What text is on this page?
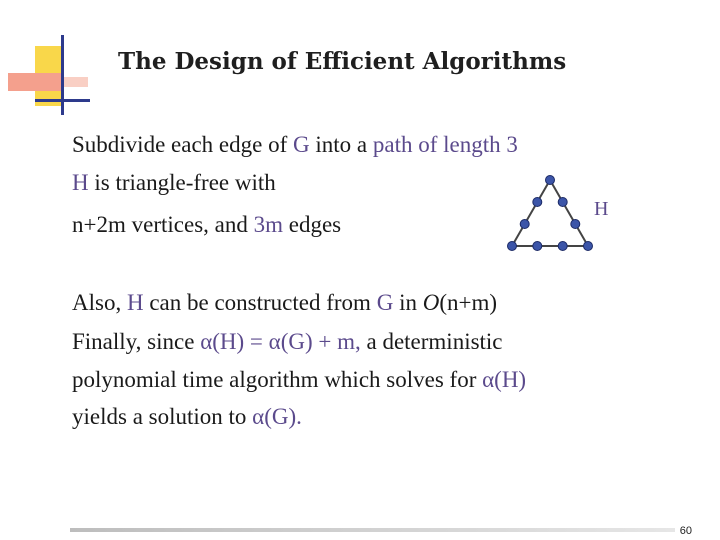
The Design of Efficient Algorithms
Subdivide each edge of G into a path of length 3
H is triangle-free with
n+2m vertices, and 3m edges
H
Also, H can be constructed from G in O(n+m)
Finally, since α(H) = α(G) + m, a deterministic
polynomial time algorithm which solves for α(H)
yields a solution to α(G).
60
